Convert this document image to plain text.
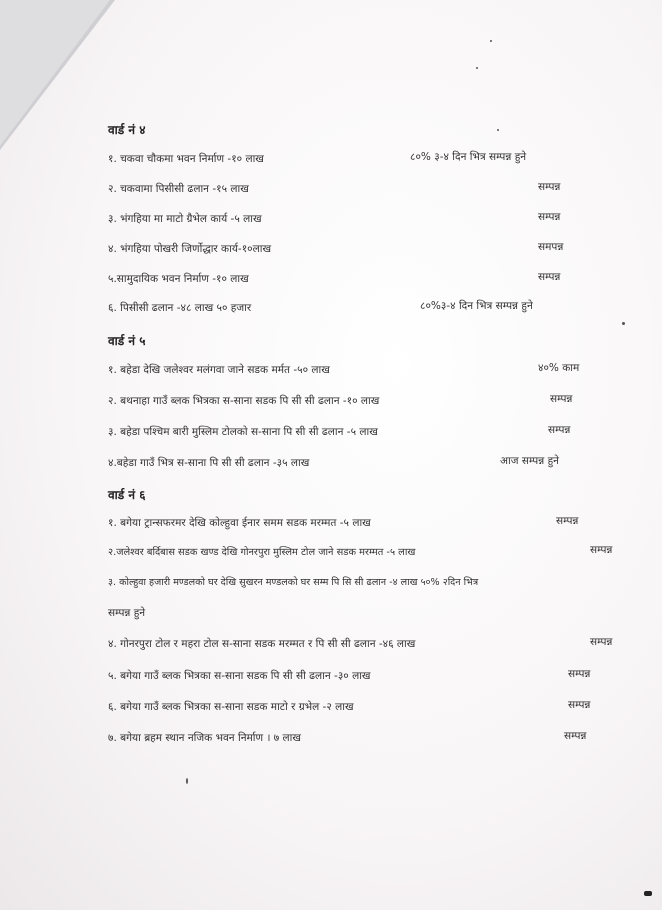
वार्ड नं ४
१. चकवा चौकमा भवन निर्माण -१० लाख	८०% ३-४ दिन भित्र सम्पन्न हुने
२. चकवामा पिसीसी ढलान -१५ लाख	सम्पन्न
३. भंगहिया मा माटो ग्रैभेल कार्य -५ लाख	सम्पन्न
४. भंगहिया पोखरी जिर्णोद्धार कार्य-१०लाख	समपन्न
५.सामुदायिक भवन निर्माण -१० लाख	सम्पन्न
६. पिसीसी ढलान -४८ लाख ५० हजार	८०%३-४ दिन भित्र सम्पन्न हुने
वार्ड नं ५
१. बहेडा देखि जलेश्वर मलंगवा जाने सडक मर्मत -५० लाख	४०% काम
२. बथनाहा गाउँ ब्लक भित्रका स-साना सडक पि सी सी ढलान -१० लाख	सम्पन्न
३. बहेडा पश्चिम बारी मुस्लिम टोलको स-साना पि सी सी ढलान -५ लाख	सम्पन्न
४.बहेडा गाउँ भित्र स-साना पि सी सी ढलान -३५ लाख	आज सम्पन्न हुने
वार्ड नं ६
१. बगेया ट्रान्सफरमर देखि कोल्हुवा ईनार समम सडक मरम्मत -५ लाख	सम्पन्न
२.जलेश्वर बर्दिबास सडक खण्ड देखि गोनरपुरा मुस्लिम टोल जाने सडक मरम्मत -५ लाख	सम्पन्न
३. कोल्हुवा हजारी मण्डलको घर देखि सुखरन मण्डलको घर सम्म पि सि सी ढलान -४ लाख ५०% २दिन भित्र
सम्पन्न हुने
४. गोनरपुरा टोल र महरा टोल स-साना सडक मरम्मत र पि सी सी ढलान -४६ लाख	सम्पन्न
५. बगेया गाउँ ब्लक भित्रका स-साना सडक पि सी सी ढलान -३० लाख	सम्पन्न
६. बगेया गाउँ ब्लक भित्रका स-साना सडक माटो र ग्रभेल -२ लाख	सम्पन्न
७. बगेया ब्रहम स्थान नजिक भवन निर्माण । ७ लाख	सम्पन्न
